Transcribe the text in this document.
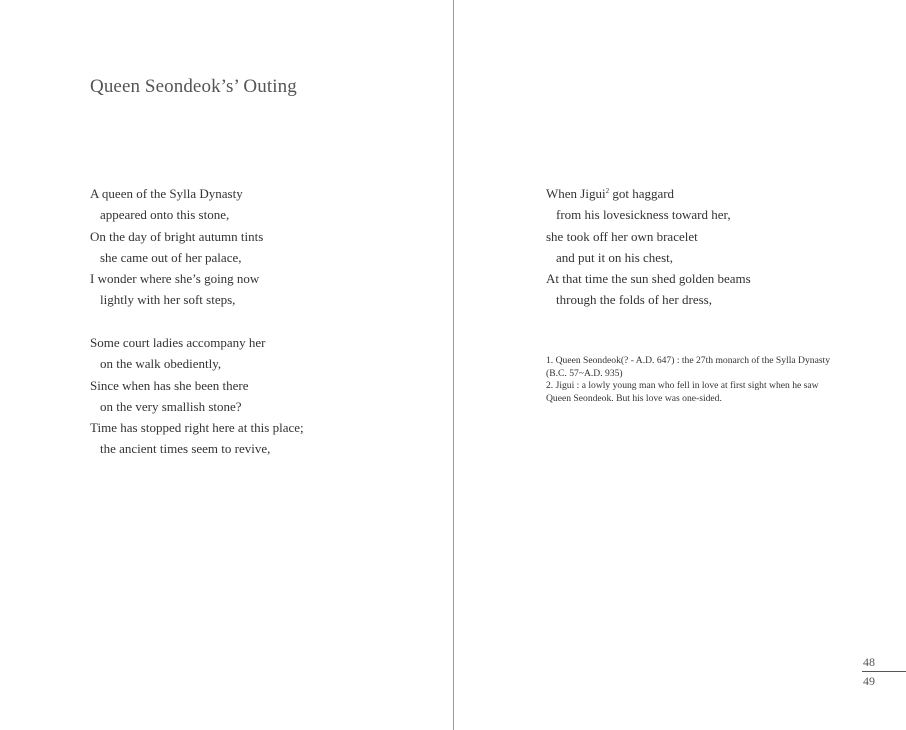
Queen Seondeok’s’ Outing
A queen of the Sylla Dynasty
appeared onto this stone,
On the day of bright autumn tints
she came out of her palace,
I wonder where she’s going now
lightly with her soft steps,
Some court ladies accompany her
on the walk obediently,
Since when has she been there
on the very smallish stone?
Time has stopped right here at this place;
the ancient times seem to revive,
When Jigui$^2$ got haggard
from his lovesickness toward her,
she took off her own bracelet
and put it on his chest,
At that time the sun shed golden beams
through the folds of her dress,
1. Queen Seondeok(? - A.D. 647) : the 27th monarch of the Sylla Dynasty (B.C. 57~A.D. 935)
2. Jigui : a lowly young man who fell in love at first sight when he saw Queen Seondeok. But his love was one-sided.
48
49
